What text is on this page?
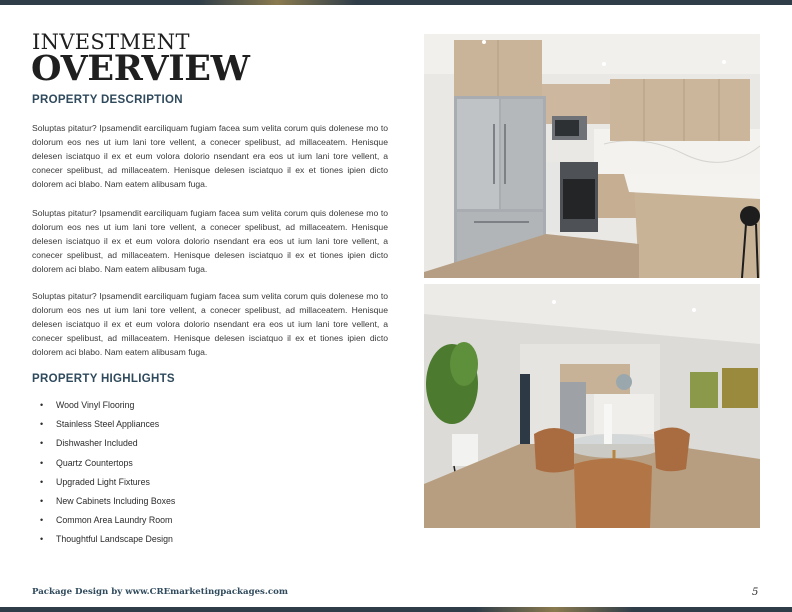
INVESTMENT
OVERVIEW
PROPERTY DESCRIPTION

Soluptas pitatur? Ipsamendit earciliquam fugiam facea sum velita corum quis dolenese mo to dolorum eos nes ut ium lani tore vellent, a conecer spelibust, ad millaceatem. Henisque delesen isciatquo il ex et eum volora dolorio nsendant era eos ut ium lani tore vellent, a conecer spelibust, ad millaceatem. Henisque delesen isciatquo il ex et tiones ipien dicto dolorem aci blabo. Nam eatem alibusam fuga.

Soluptas pitatur? Ipsamendit earciliquam fugiam facea sum velita corum quis dolenese mo to dolorum eos nes ut ium lani tore vellent, a conecer spelibust, ad millaceatem. Henisque delesen isciatquo il ex et eum volora dolorio nsendant era eos ut ium lani tore vellent, a conecer spelibust, ad millaceatem. Henisque delesen isciatquo il ex et tiones ipien dicto dolorem aci blabo. Nam eatem alibusam fuga.

Soluptas pitatur? Ipsamendit earciliquam fugiam facea sum velita corum quis dolenese mo to dolorum eos nes ut ium lani tore vellent, a conecer spelibust, ad millaceatem. Henisque delesen isciatquo il ex et eum volora dolorio nsendant era eos ut ium lani tore vellent, a conecer spelibust, ad millaceatem. Henisque delesen isciatquo il ex et tiones ipien dicto dolorem aci blabo. Nam eatem alibusam fuga.

PROPERTY HIGHLIGHTS
• Wood Vinyl Flooring
• Stainless Steel Appliances
• Dishwasher Included
• Quartz Countertops
• Upgraded Light Fixtures
• New Cabinets Including Boxes
• Common Area Laundry Room
• Thoughtful Landscape Design
Package Design by www.CREmarketingpackages.com	5
